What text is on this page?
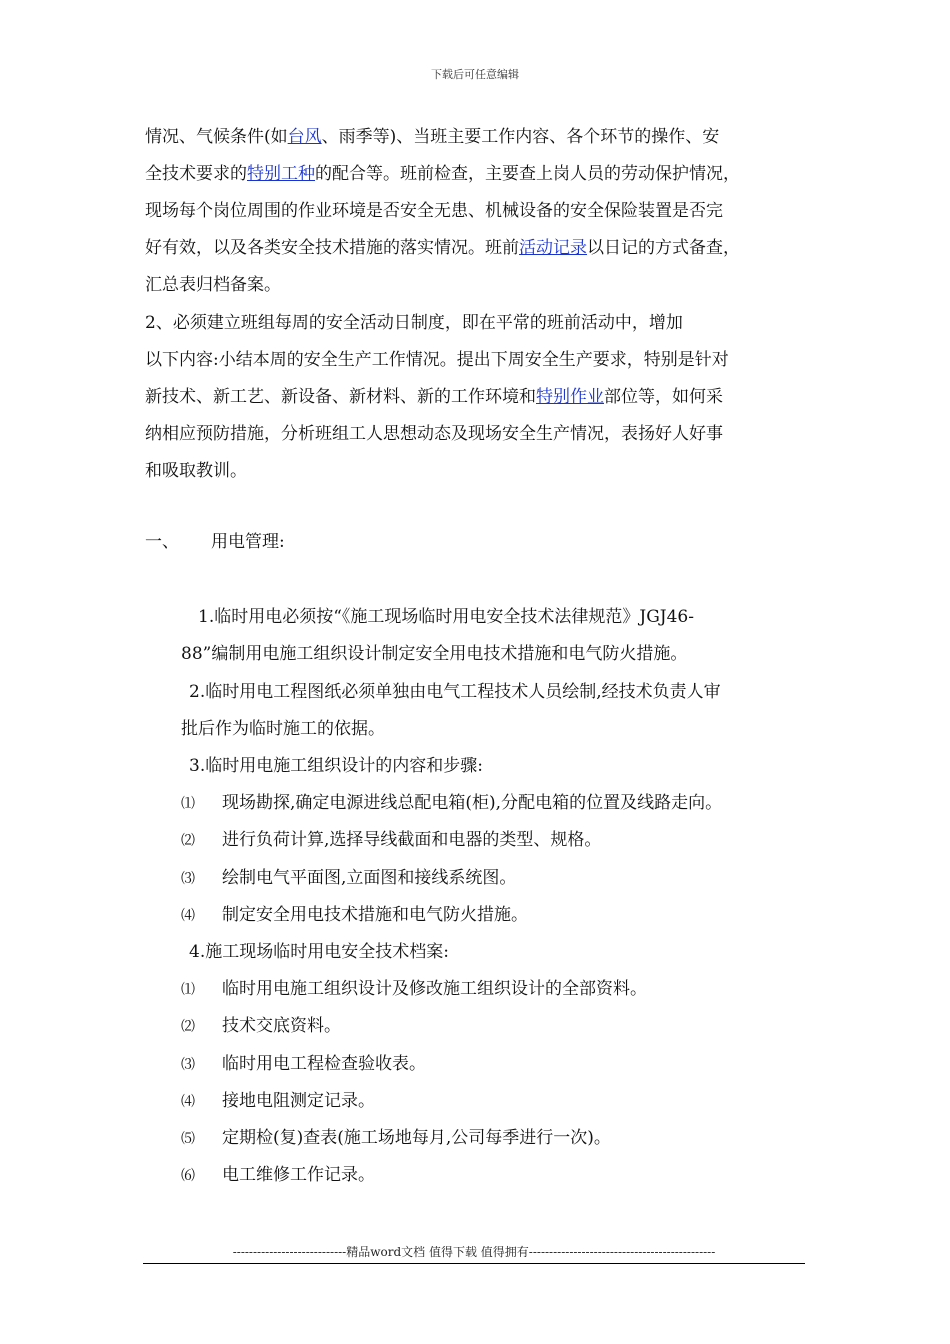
下载后可任意编辑
情况、气候条件(如台风、雨季等)、当班主要工作内容、各个环节的操作、安
全技术要求的特别工种的配合等。班前检查，主要查上岗人员的劳动保护情况，
现场每个岗位周围的作业环境是否安全无患、机械设备的安全保险装置是否完
好有效，以及各类安全技术措施的落实情况。班前活动记录以日记的方式备查，
汇总表归档备案。
2、必须建立班组每周的安全活动日制度，即在平常的班前活动中，增加
以下内容:小结本周的安全生产工作情况。提出下周安全生产要求，特别是针对
新技术、新工艺、新设备、新材料、新的工作环境和特别作业部位等，如何采
纳相应预防措施，分析班组工人思想动态及现场安全生产情况，表扬好人好事
和吸取教训。
一、 用电管理:
1.临时用电必须按“《施工现场临时用电安全技术法律规范》JGJ46-
88”编制用电施工组织设计制定安全用电技术措施和电气防火措施。
2.临时用电工程图纸必须单独由电气工程技术人员绘制,经技术负责人审
批后作为临时施工的依据。
3.临时用电施工组织设计的内容和步骤:
⑴ 现场勘探,确定电源进线总配电箱(柜),分配电箱的位置及线路走向。
⑵ 进行负荷计算,选择导线截面和电器的类型、规格。
⑶ 绘制电气平面图,立面图和接线系统图。
⑷ 制定安全用电技术措施和电气防火措施。
4.施工现场临时用电安全技术档案:
⑴ 临时用电施工组织设计及修改施工组织设计的全部资料。
⑵ 技术交底资料。
⑶ 临时用电工程检查验收表。
⑷ 接地电阻测定记录。
⑸ 定期检(复)查表(施工场地每月,公司每季进行一次)。
⑹ 电工维修工作记录。
----------------------------精品word文档 值得下载 值得拥有----------------------------------------------
